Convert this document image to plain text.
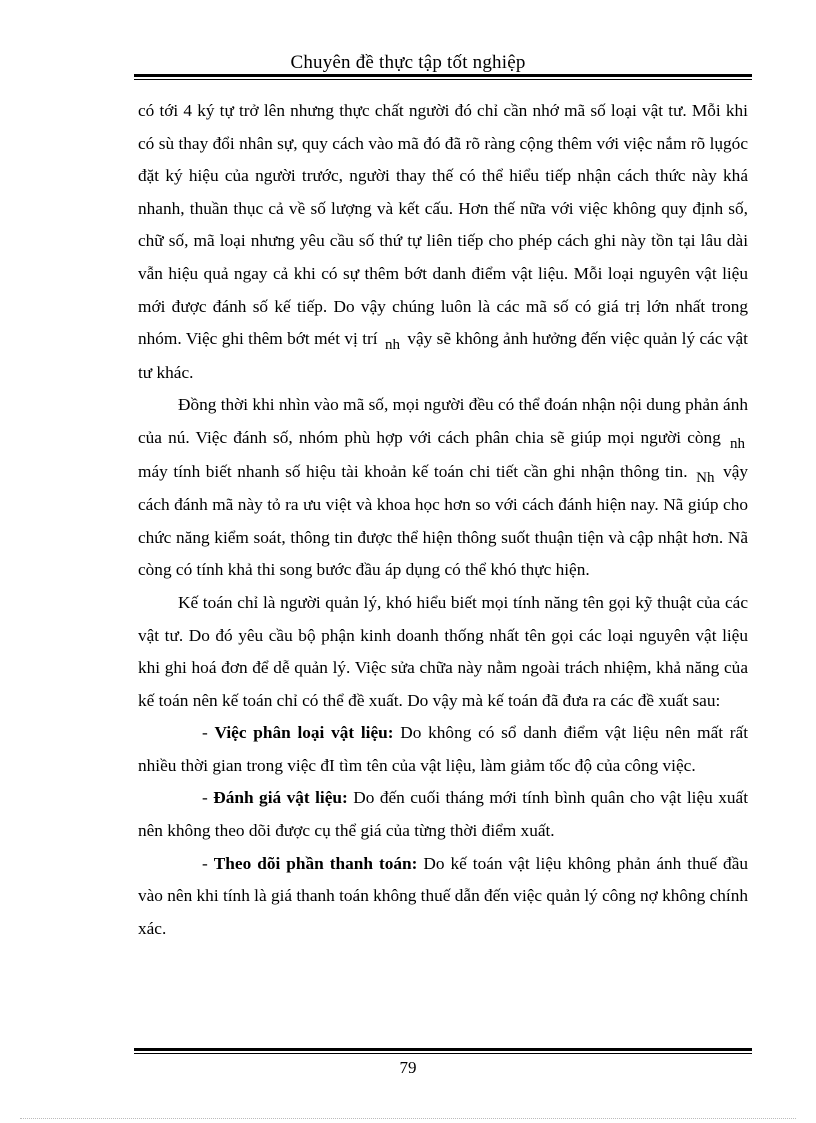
Chuyên đề thực tập tốt nghiệp

có tới 4 ký tự trở lên nhưng thực chất người đó chỉ cần nhớ mã số loại vật tư. Mỗi khi có sù thay đổi nhân sự, quy cách vào mã đó đã rõ ràng cộng thêm với việc nắm rõ lụgóc đặt ký hiệu của người trước, người thay thế có thể hiểu tiếp nhận cách thức này khá nhanh, thuần thục cả về số lượng và kết cấu. Hơn thế nữa với việc không quy định số, chữ số, mã loại nhưng yêu cầu số thứ tự liên tiếp cho phép cách ghi này tồn tại lâu dài vẫn hiệu quả ngay cả khi có sự thêm bớt danh điểm vật liệu. Mỗi loại nguyên vật liệu mới được đánh số kế tiếp. Do vậy chúng luôn là các mã số có giá trị lớn nhất trong nhóm. Việc ghi thêm bớt mét vị trí nh vậy sẽ không ảnh hưởng đến việc quản lý các vật tư khác.

Đồng thời khi nhìn vào mã số, mọi người đều có thể đoán nhận nội dung phản ánh của nú. Việc đánh số, nhóm phù hợp với cách phân chia sẽ giúp mọi người còng nh máy tính biết nhanh số hiệu tài khoản kế toán chi tiết cần ghi nhận thông tin. Nh vậy cách đánh mã này tỏ ra ưu việt và khoa học hơn so với cách đánh hiện nay. Nã giúp cho chức năng kiểm soát, thông tin được thể hiện thông suốt thuận tiện và cập nhật hơn. Nã còng có tính khả thi song bước đầu áp dụng có thể khó thực hiện.

Kế toán chỉ là người quản lý, khó hiểu biết mọi tính năng tên gọi kỹ thuật của các vật tư. Do đó yêu cầu bộ phận kinh doanh thống nhất tên gọi các loại nguyên vật liệu khi ghi hoá đơn để dễ quản lý. Việc sửa chữa này nằm ngoài trách nhiệm, khả năng của kế toán nên kế toán chỉ có thể đề xuất. Do vậy mà kế toán đã đưa ra các đề xuất sau:

- Việc phân loại vật liệu: Do không có sổ danh điểm vật liệu nên mất rất nhiều thời gian trong việc đI tìm tên của vật liệu, làm giảm tốc độ của công việc.

- Đánh giá vật liệu: Do đến cuối tháng mới tính bình quân cho vật liệu xuất nên không theo dõi được cụ thể giá của từng thời điểm xuất.

- Theo dõi phần thanh toán: Do kế toán vật liệu không phản ánh thuế đầu vào nên khi tính là giá thanh toán không thuế dẫn đến việc quản lý công nợ không chính xác.

79
